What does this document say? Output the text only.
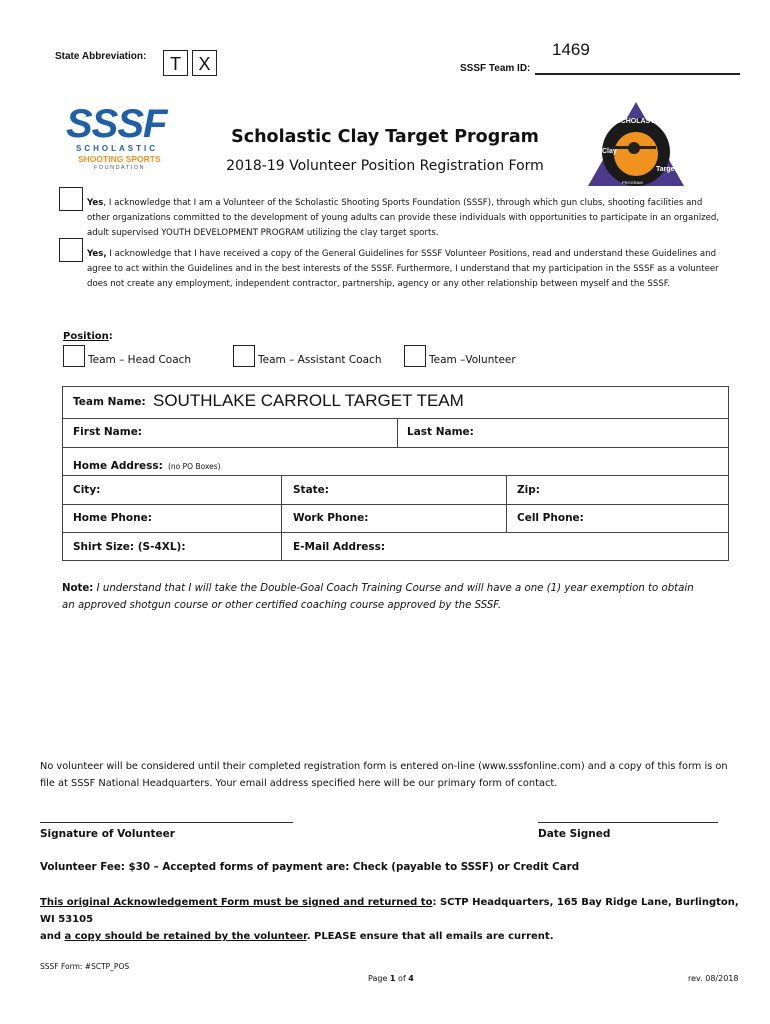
State Abbreviation:	T X
1469
SSSF Team ID:
SSSF
SCHOLASTIC
SHOOTING SPORTS
FOUNDATION
SCHOLASTIC
Clay
Target
PROGRAM
Scholastic Clay Target Program
2018-19 Volunteer Position Registration Form
Yes, I acknowledge that I am a Volunteer of the Scholastic Shooting Sports Foundation (SSSF), through which gun clubs, shooting facilities and other organizations committed to the development of young adults can provide these individuals with opportunities to participate in an organized, adult supervised YOUTH DEVELOPMENT PROGRAM utilizing the clay target sports.
Yes, I acknowledge that I have received a copy of the General Guidelines for SSSF Volunteer Positions, read and understand these Guidelines and agree to act within the Guidelines and in the best interests of the SSSF. Furthermore, I understand that my participation in the SSSF as a volunteer does not create any employment, independent contractor, partnership, agency or any other relationship between myself and the SSSF.
Position:
Team – Head Coach	Team – Assistant Coach	Team –Volunteer
Team Name: SOUTHLAKE CARROLL TARGET TEAM
First Name:	Last Name:
Home Address: (no PO Boxes)
City:	State:	Zip:
Home Phone:	Work Phone:	Cell Phone:
Shirt Size: (S-4XL):	E-Mail Address:
Note: I understand that I will take the Double-Goal Coach Training Course and will have a one (1) year exemption to obtain an approved shotgun course or other certified coaching course approved by the SSSF.
No volunteer will be considered until their completed registration form is entered on-line (www.sssfonline.com) and a copy of this form is on file at SSSF National Headquarters. Your email address specified here will be our primary form of contact.
Signature of Volunteer	Date Signed
Volunteer Fee: $30 – Accepted forms of payment are: Check (payable to SSSF) or Credit Card
This original Acknowledgement Form must be signed and returned to: SCTP Headquarters, 165 Bay Ridge Lane, Burlington, WI 53105
and a copy should be retained by the volunteer. PLEASE ensure that all emails are current.
SSSF Form: #SCTP_POS
Page 1 of 4	rev. 08/2018
